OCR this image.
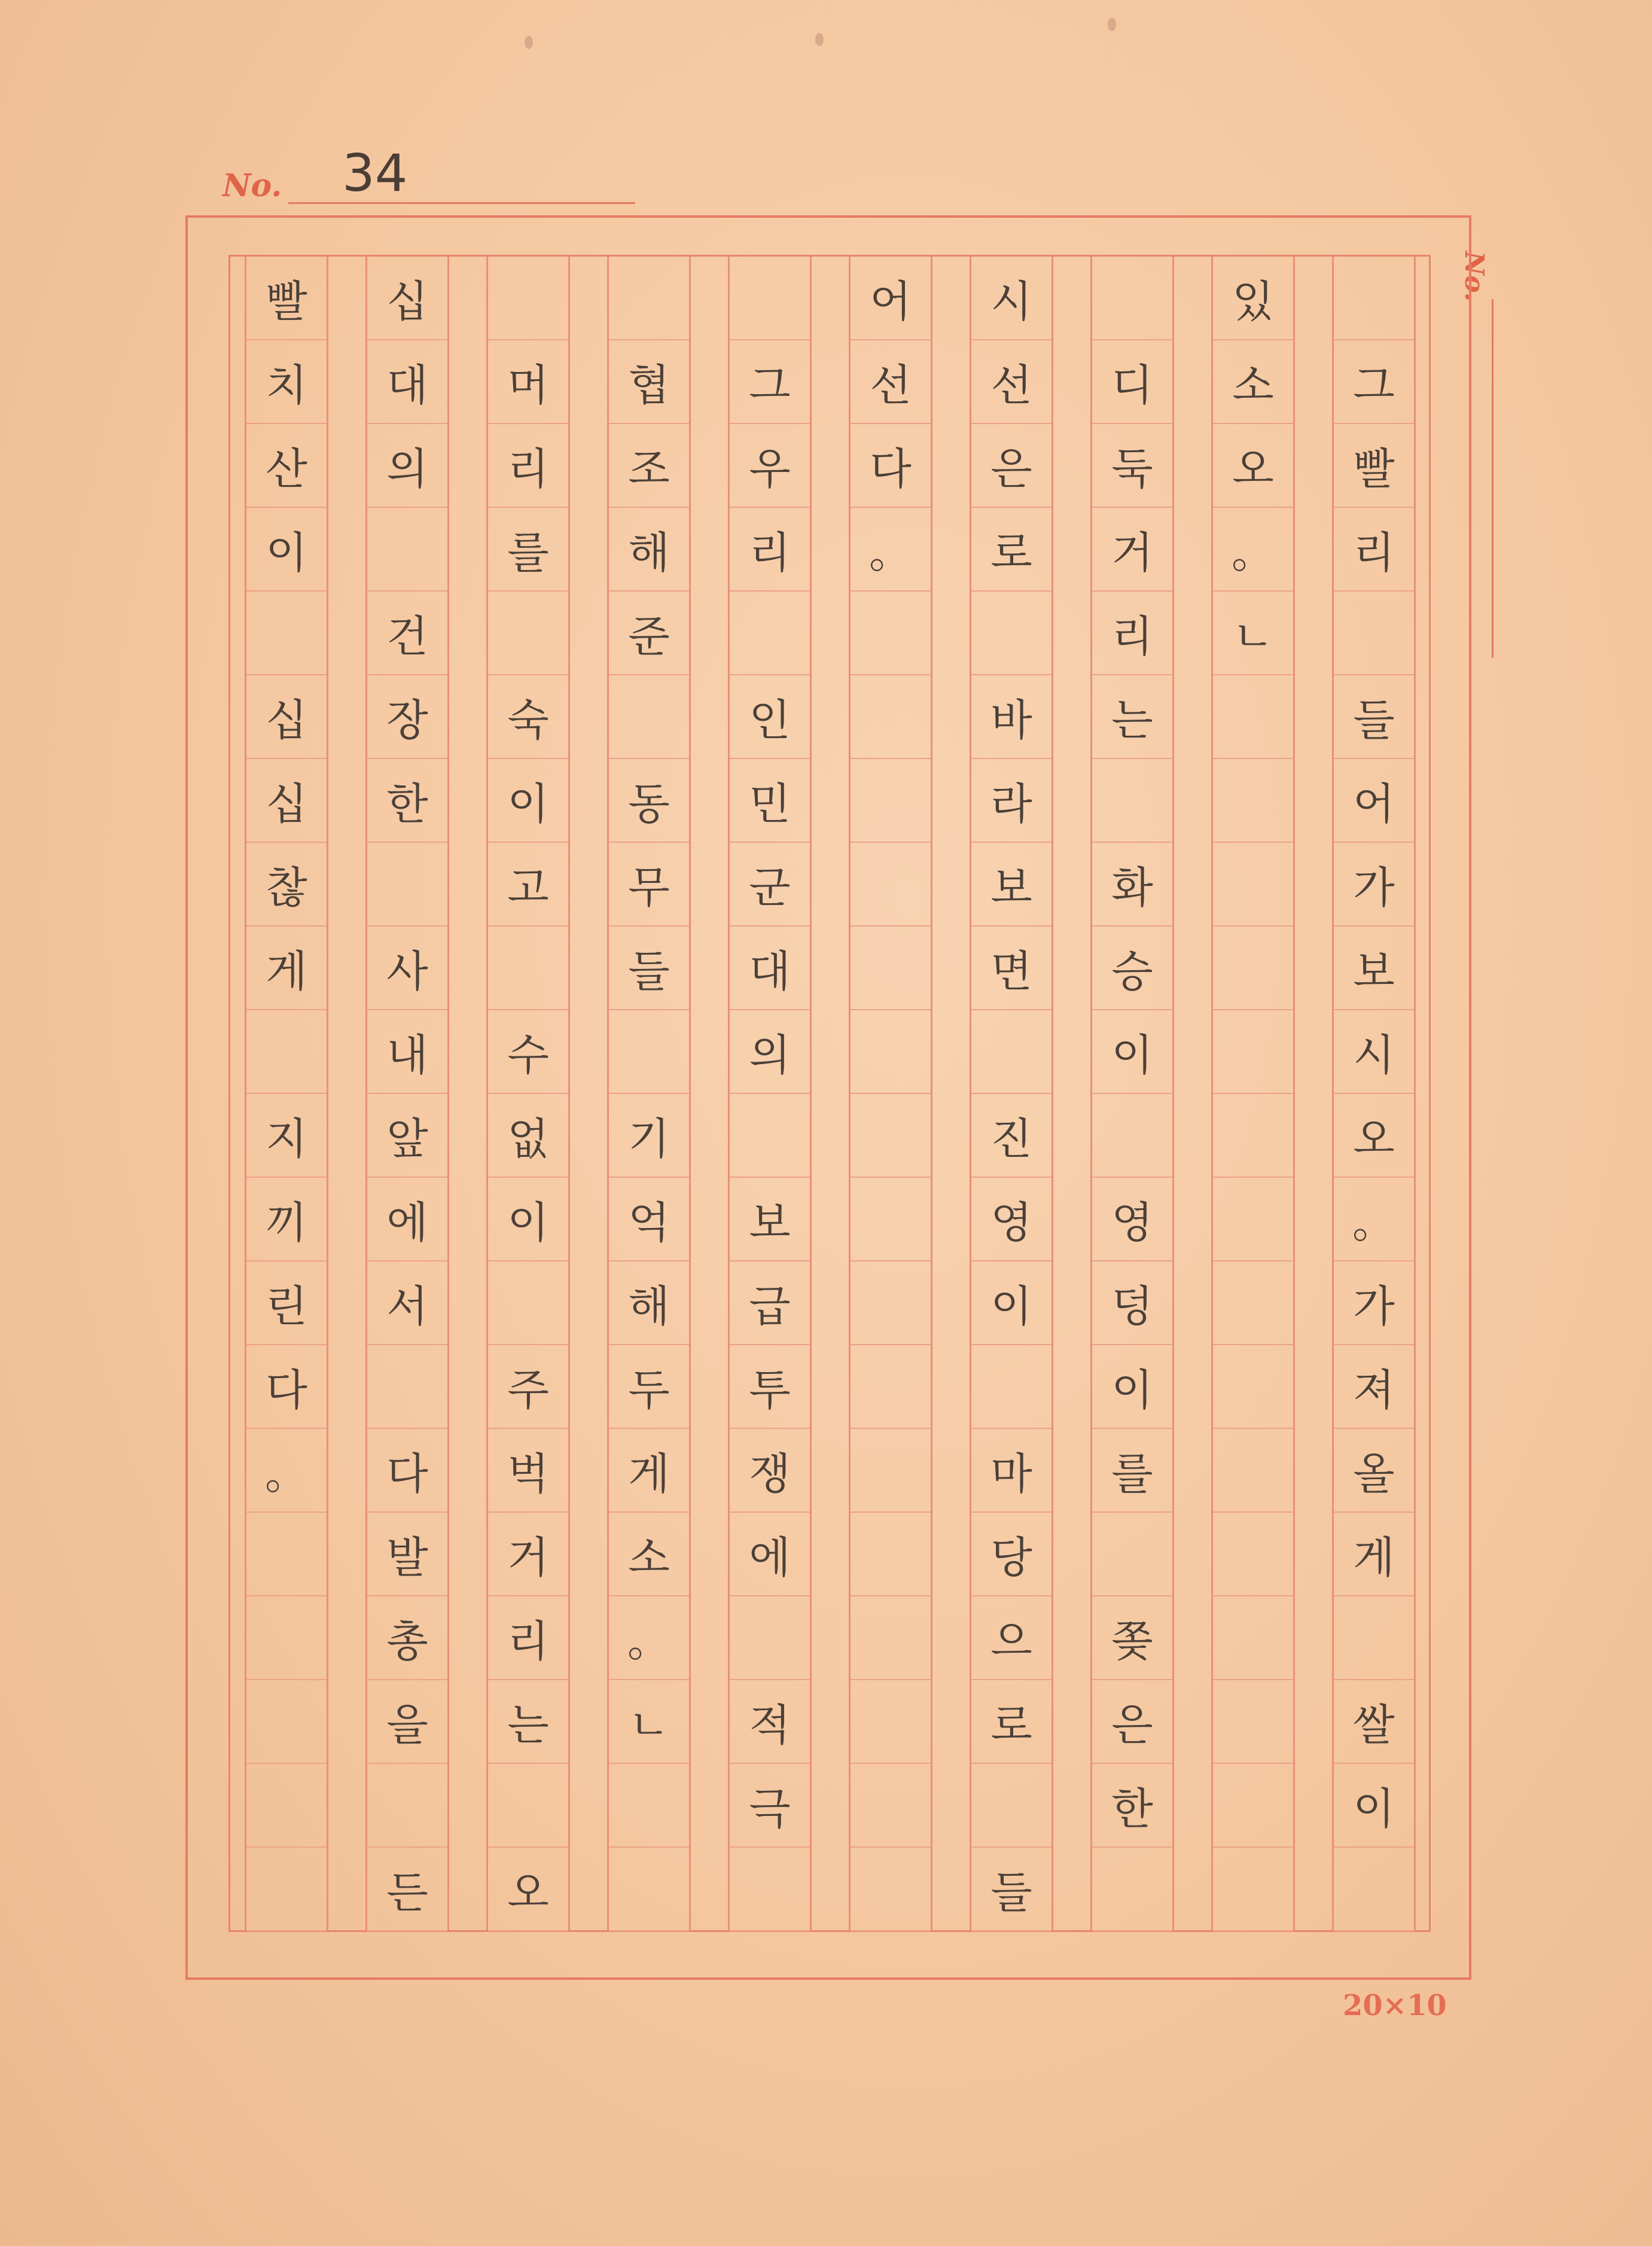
No. 34
No.
그
빨
리
들
어
가
보
시
오
。
가
져
올
게
쌀
이
있
소
오
。
ㄴ
디
둑
거
리
는
화
승
이
영
덩
이
를
쫒
은
한
시
선
은
로
바
라
보
면
진
영
이
마
당
으
로
들
어
선
다
。
그
우
리
인
민
군
대
의
보
급
투
쟁
에
적
극
협
조
해
준
동
무
들
기
억
해
두
게
소
。
ㄴ
머
리
를
숙
이
고
수
없
이
주
벅
거
리
는
오
십
대
의
건
장
한
사
내
앞
에
서
다
발
총
을
든
빨
치
산
이
십
십
찮
게
지
끼
린
다
。
20×10
